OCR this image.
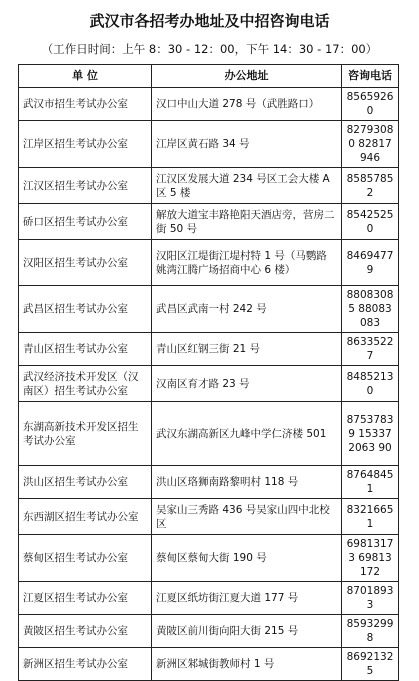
武汉市各招考办地址及中招咨询电话
（工作日时间：上午 8：30 - 12：00，下午 14：30 - 17：00）
单 位	办公地址	咨询电话
武汉市招生考试办公室	汉口中山大道 278 号（武胜路口）	85659260
江岸区招生考试办公室	江岸区黄石路 34 号	82793080 82817946
江汉区招生考试办公室	江汉区发展大道 234 号区工会大楼 A 区 5 楼	85857852
硚口区招生考试办公室	解放大道宝丰路艳阳天酒店旁，营房二街 50 号	85425250
汉阳区招生考试办公室	汉阳区江堤街江堤村特 1 号（马鹦路姚湾江腾广场招商中心 6 楼）	84694779
武昌区招生考试办公室	武昌区武南一村 242 号	88083085 88083083
青山区招生考试办公室	青山区红钢三街 21 号	86335227
武汉经济技术开发区（汉南区）招生考试办公室	汉南区育才路 23 号	84852130
东湖高新技术开发区招生考试办公室	武汉东湖高新区九峰中学仁济楼 501	87537839 153372063 90
洪山区招生考试办公室	洪山区珞狮南路黎明村 118 号	87648451
东西湖区招生考试办公室	吴家山三秀路 436 号吴家山四中北校区	83216651
蔡甸区招生考试办公室	蔡甸区蔡甸大街 190 号	69813173 69813172
江夏区招生考试办公室	江夏区纸坊街江夏大道 177 号	87018933
黄陂区招生考试办公室	黄陂区前川街向阳大街 215 号	85932998
新洲区招生考试办公室	新洲区邾城街教师村 1 号	86921325
